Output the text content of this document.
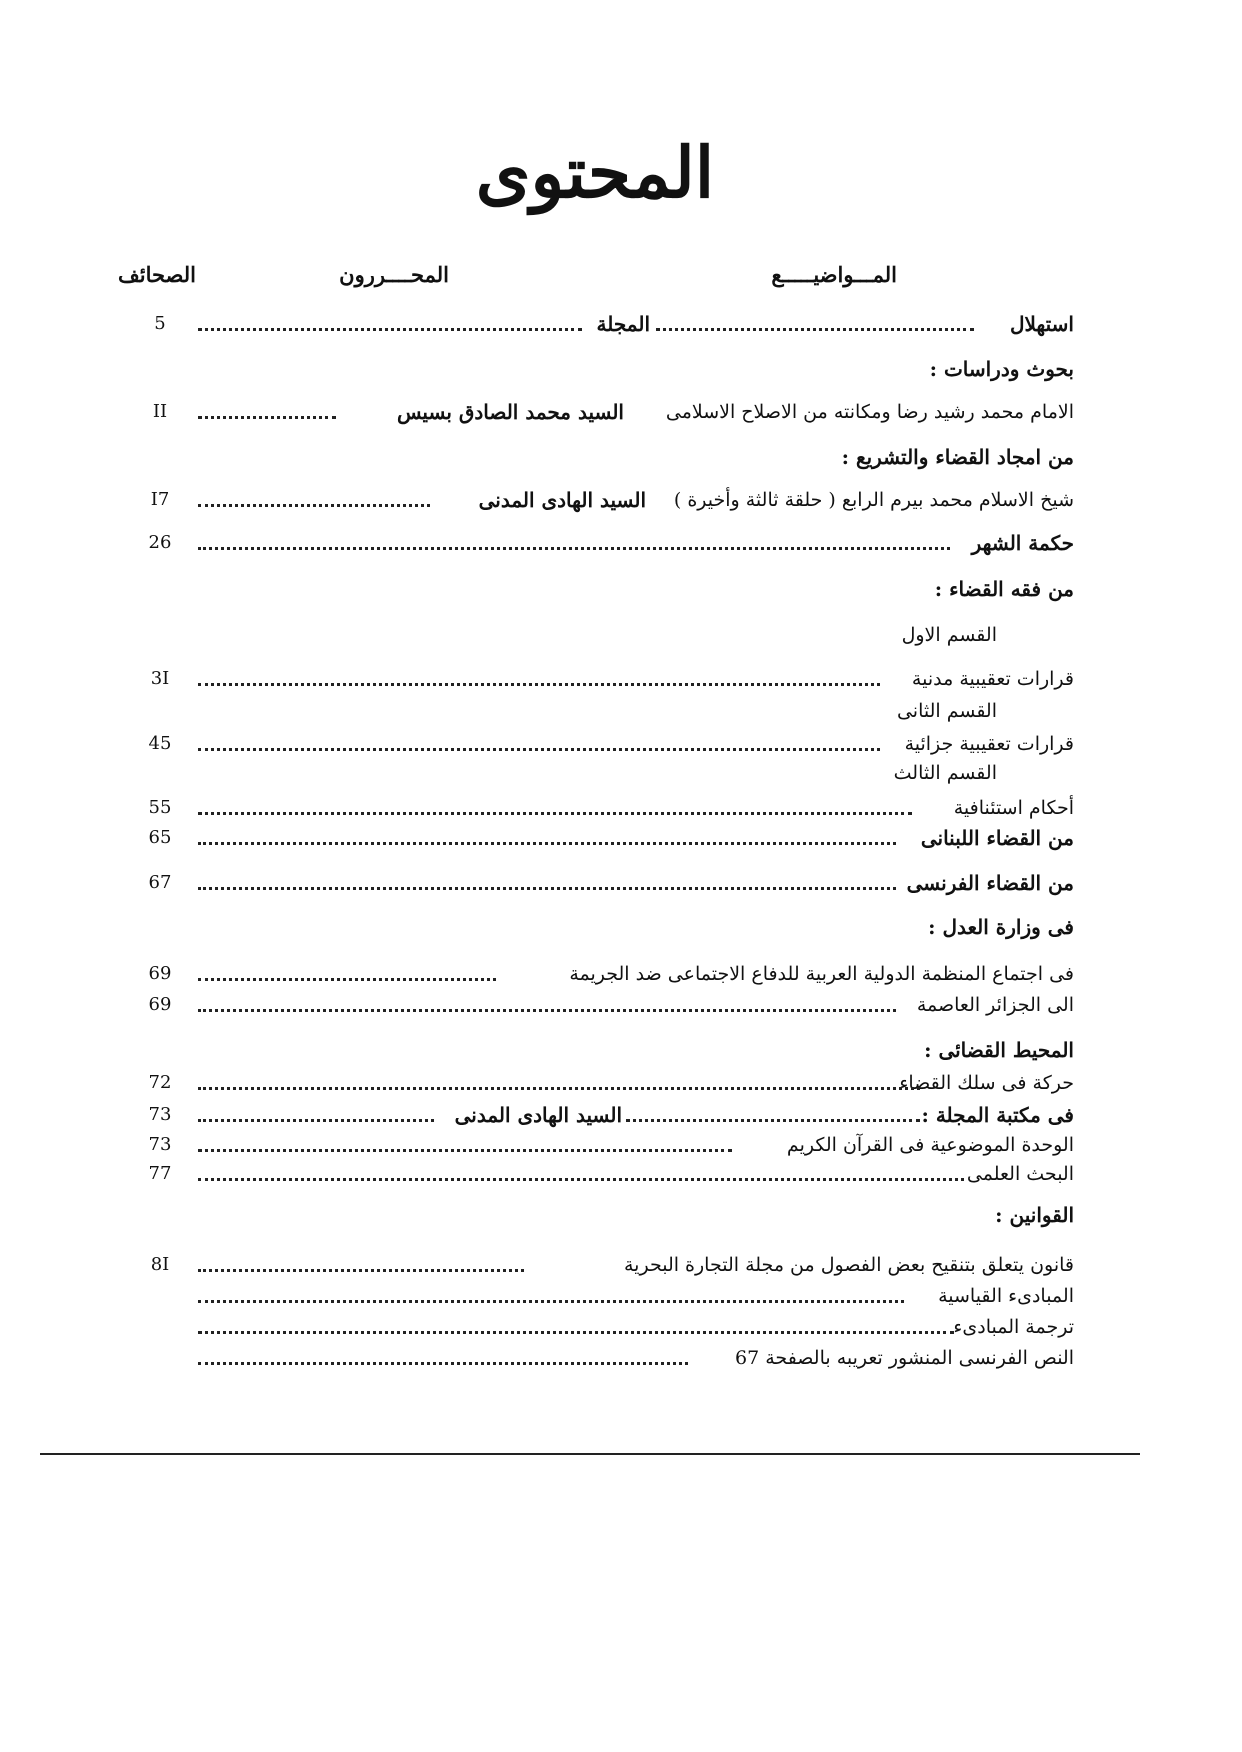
المحتوى
المـــواضيـــــع
المحــــررون
الصحائف
استهلال
المجلة
5
بحوث ودراسات :
الامام محمد رشيد رضا ومكانته من الاصلاح الاسلامى
السيد محمد الصادق بسيس
II
من امجاد القضاء والتشريع :
شيخ الاسلام محمد بيرم الرابع ( حلقة ثالثة وأخيرة )
السيد الهادى المدنى
I7
حكمة الشهر
26
من فقه القضاء :
القسم الاول
قرارات تعقيبية مدنية
3I
القسم الثانى
قرارات تعقيبية جزائية
45
القسم الثالث
أحكام استئنافية
55
من القضاء اللبنانى
65
من القضاء الفرنسى
67
فى وزارة العدل :
فى اجتماع المنظمة الدولية العربية للدفاع الاجتماعى ضد الجريمة
69
الى الجزائر العاصمة
69
المحيط القضائى :
حركة فى سلك القضاء
72
فى مكتبة المجلة :
السيد الهادى المدنى
73
الوحدة الموضوعية فى القرآن الكريم
73
البحث العلمى
77
القوانين :
قانون يتعلق بتنقيح بعض الفصول من مجلة التجارة البحرية
8I
المبادىء القياسية
ترجمة المبادىء
النص الفرنسى المنشور تعريبه بالصفحة 67
